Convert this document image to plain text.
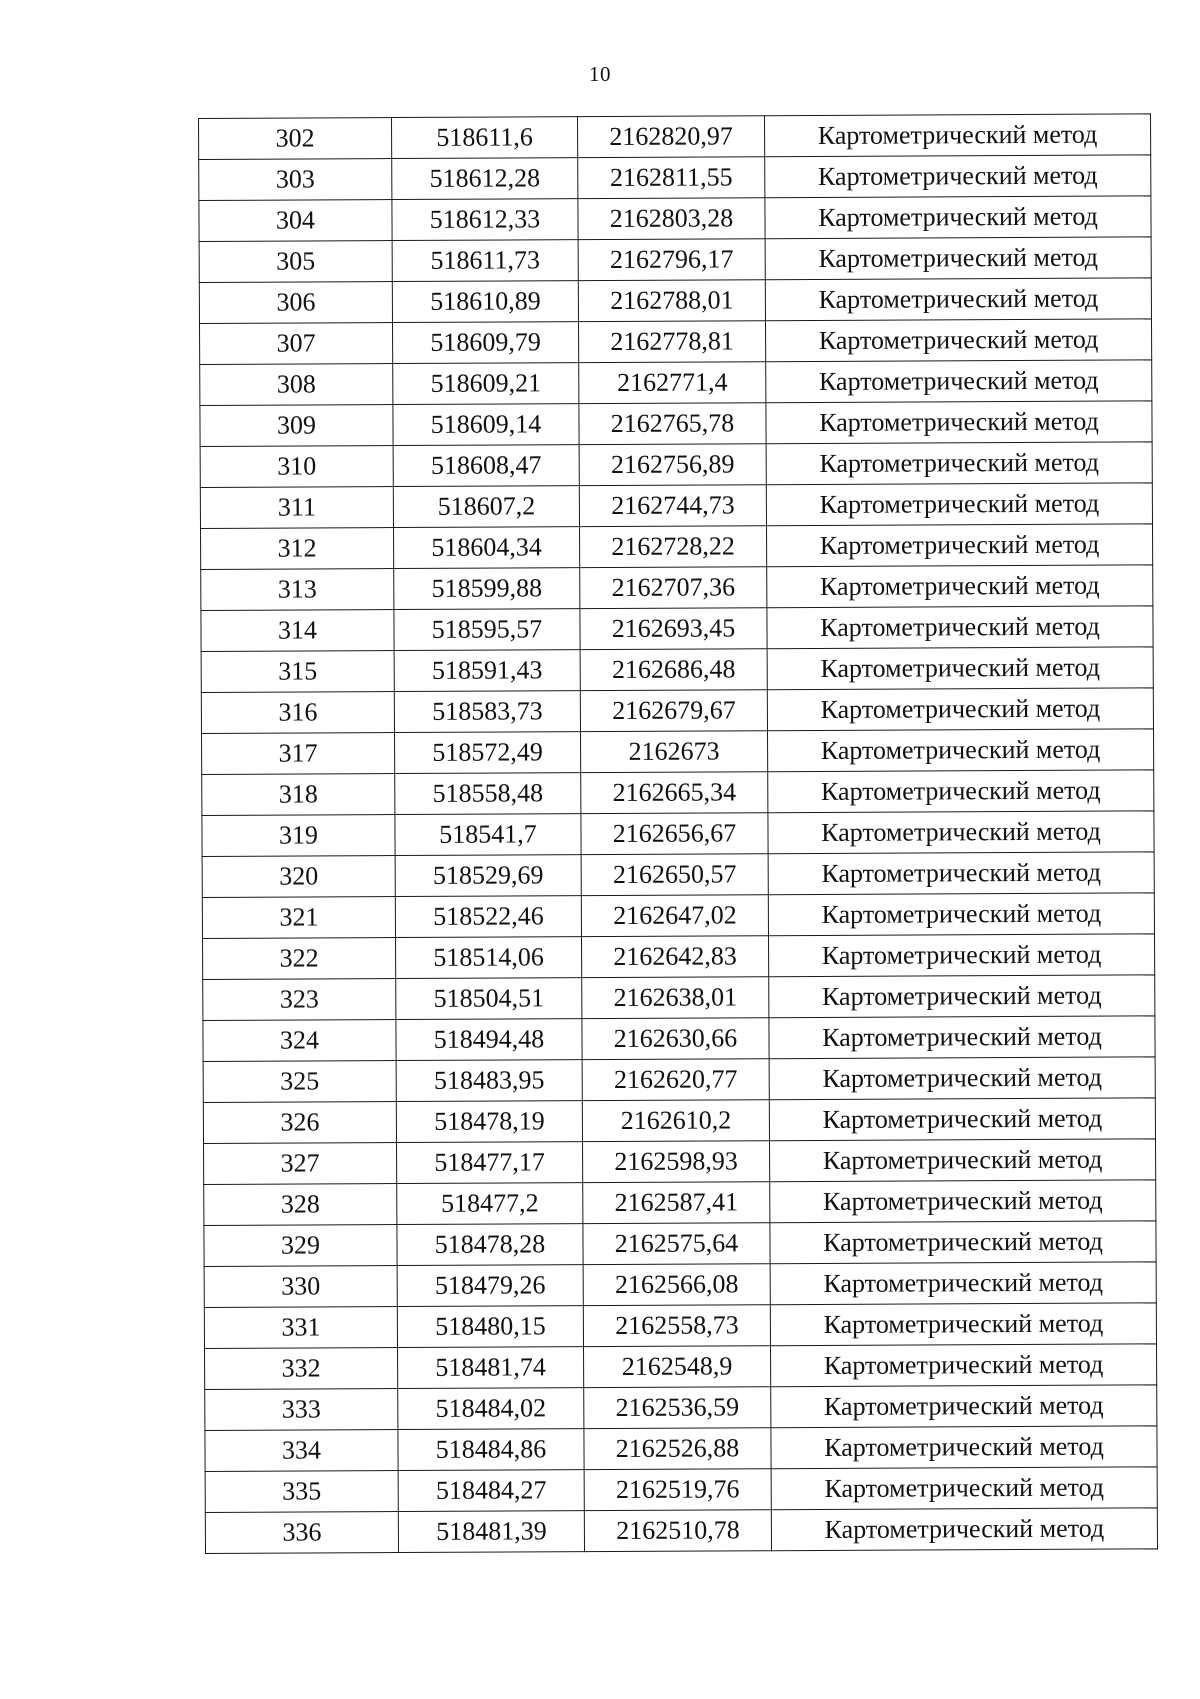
10
302	518611,6	2162820,97	Картометрический метод
303	518612,28	2162811,55	Картометрический метод
304	518612,33	2162803,28	Картометрический метод
305	518611,73	2162796,17	Картометрический метод
306	518610,89	2162788,01	Картометрический метод
307	518609,79	2162778,81	Картометрический метод
308	518609,21	2162771,4	Картометрический метод
309	518609,14	2162765,78	Картометрический метод
310	518608,47	2162756,89	Картометрический метод
311	518607,2	2162744,73	Картометрический метод
312	518604,34	2162728,22	Картометрический метод
313	518599,88	2162707,36	Картометрический метод
314	518595,57	2162693,45	Картометрический метод
315	518591,43	2162686,48	Картометрический метод
316	518583,73	2162679,67	Картометрический метод
317	518572,49	2162673	Картометрический метод
318	518558,48	2162665,34	Картометрический метод
319	518541,7	2162656,67	Картометрический метод
320	518529,69	2162650,57	Картометрический метод
321	518522,46	2162647,02	Картометрический метод
322	518514,06	2162642,83	Картометрический метод
323	518504,51	2162638,01	Картометрический метод
324	518494,48	2162630,66	Картометрический метод
325	518483,95	2162620,77	Картометрический метод
326	518478,19	2162610,2	Картометрический метод
327	518477,17	2162598,93	Картометрический метод
328	518477,2	2162587,41	Картометрический метод
329	518478,28	2162575,64	Картометрический метод
330	518479,26	2162566,08	Картометрический метод
331	518480,15	2162558,73	Картометрический метод
332	518481,74	2162548,9	Картометрический метод
333	518484,02	2162536,59	Картометрический метод
334	518484,86	2162526,88	Картометрический метод
335	518484,27	2162519,76	Картометрический метод
336	518481,39	2162510,78	Картометрический метод
